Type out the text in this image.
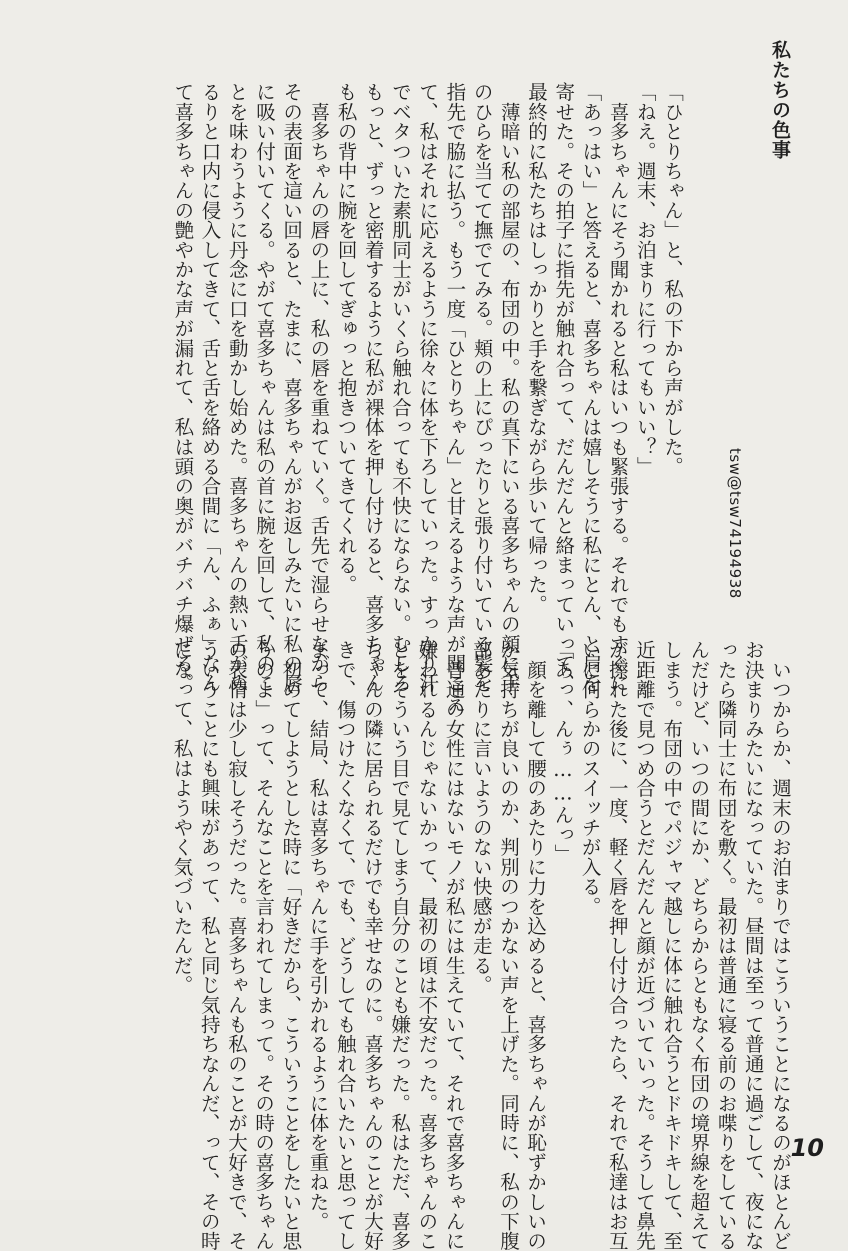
私たちの色事
「ひとりちゃん」と、私の下から声がした。
「ねえ。週末、お泊まりに行ってもいい？」
　喜多ちゃんにそう聞かれると私はいつも緊張する。それでもすぐに
「あっはい」と答えると、喜多ちゃんは嬉しそうに私にとん、と肩を
寄せた。その拍子に指先が触れ合って、だんだんと絡まっていって、
最終的に私たちはしっかりと手を繋ぎながら歩いて帰った。
　薄暗い私の部屋の、布団の中。私の真下にいる喜多ちゃんの顔に手
のひらを当てて撫でてみる。頬の上にぴったりと張り付いている髪を
指先で脇に払う。もう一度「ひとりちゃん」と甘えるような声が聞こえ
て、私はそれに応えるように徐々に体を下ろしていった。すっかり汗
でベタついた素肌同士がいくら触れ合っても不快にならない。むしろ
もっと、ずっと密着するように私が裸体を押し付けると、喜多ちゃん
も私の背中に腕を回してぎゅっと抱きついてきてくれる。
　喜多ちゃんの唇の上に、私の唇を重ねていく。舌先で湿らせながら
その表面を這い回ると、たまに、喜多ちゃんがお返しみたいに私の唇
に吸い付いてくる。やがて喜多ちゃんは私の首に腕を回して、私のこ
とを味わうように丹念に口を動かし始めた。喜多ちゃんの熱い舌がぬ
るりと口内に侵入してきて、舌と舌を絡める合間に「ん、ふぁ」なん
て喜多ちゃんの艶やかな声が漏れて、私は頭の奥がバチバチ爆ぜる。	tsw@tsw74194938
　いつからか、週末のお泊まりではこういうことになるのがほとんど
お決まりみたいになっていた。昼間は至って普通に過ごして、夜にな
ったら隣同士に布団を敷く。最初は普通に寝る前のお喋りをしている
んだけど、いつの間にか、どちらからともなく布団の境界線を超えて
しまう。布団の中でパジャマ越しに体に触れ合うとドキドキして、至
近距離で見つめ合うとだんだんと顔が近づいていった。そうして鼻先
が擦れた後に、一度、軽く唇を押し付け合ったら、それで私達はお互
いに何らかのスイッチが入る。
「あっ、んぅ……んっ」
　顔を離して腰のあたりに力を込めると、喜多ちゃんが恥ずかしいの
か気持ちが良いのか、判別のつかない声を上げた。同時に、私の下腹
部あたりに言いようのない快感が走る。
　普通の女性にはないモノが私には生えていて、それで喜多ちゃんに
嫌われるんじゃないかって、最初の頃は不安だった。喜多ちゃんのこ
とをそういう目で見てしまう自分のことも嫌だった。私はただ、喜多
ちゃんの隣に居られるだけでも幸せなのに。喜多ちゃんのことが大好
きで、傷つけたくなくて、でも、どうしても触れ合いたいと思ってし
まって、結局、私は喜多ちゃんに手を引かれるように体を重ねた。
　初めてしようとした時に「好きだから、こういうことをしたいと思
うのよ」って、そんなことを言われてしまって。その時の喜多ちゃん
の表情は少し寂しそうだった。喜多ちゃんも私のことが大好きで、そ
ういうことにも興味があって、私と同じ気持ちなんだ、って、その時
になって、私はようやく気づいたんだ。
10
